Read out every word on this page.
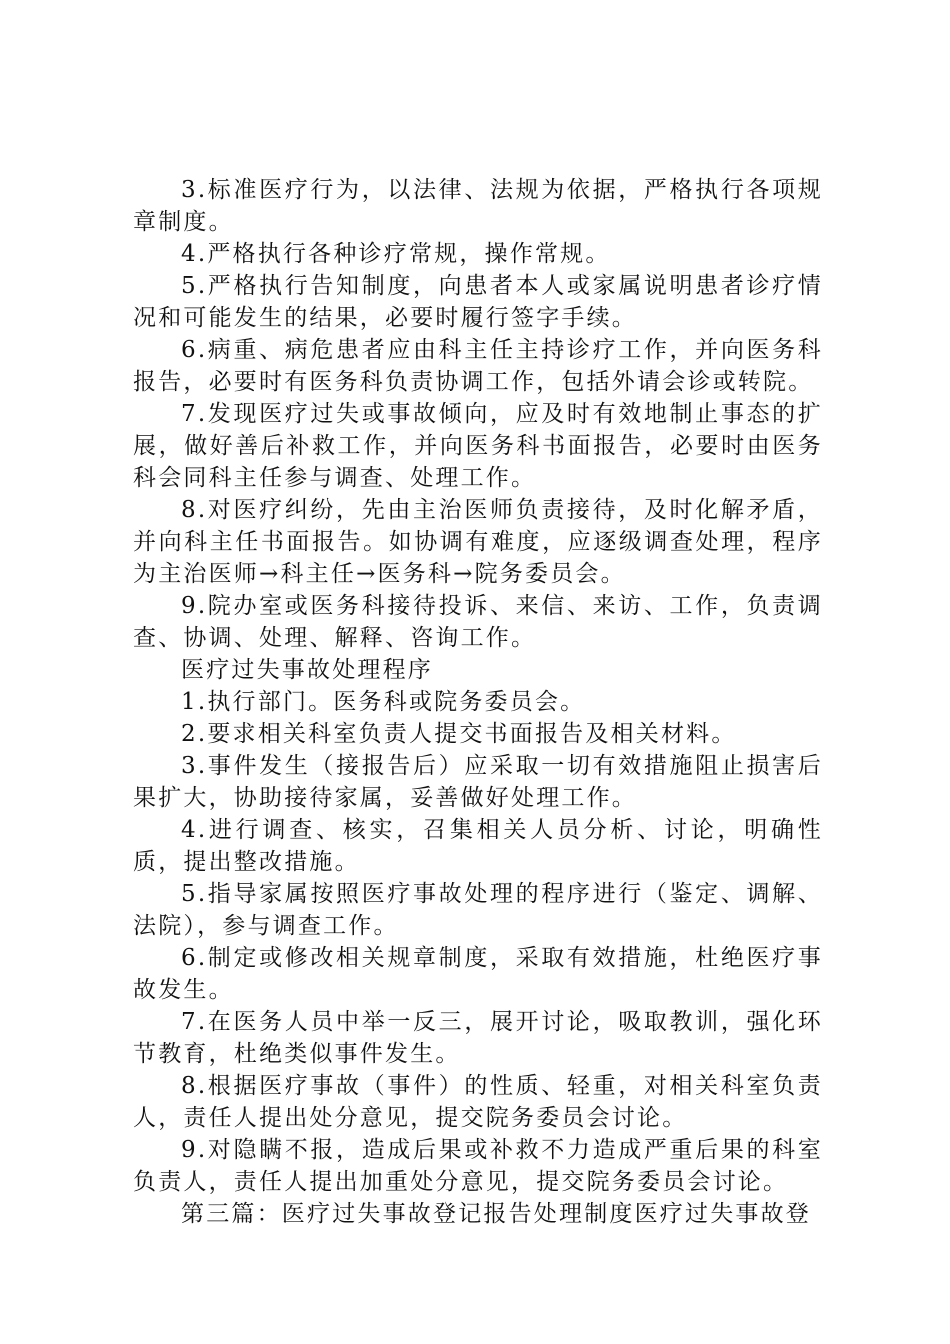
3.标准医疗行为，以法律、法规为依据，严格执行各项规章制度。

4.严格执行各种诊疗常规，操作常规。

5.严格执行告知制度，向患者本人或家属说明患者诊疗情况和可能发生的结果，必要时履行签字手续。

6.病重、病危患者应由科主任主持诊疗工作，并向医务科报告，必要时有医务科负责协调工作，包括外请会诊或转院。

7.发现医疗过失或事故倾向，应及时有效地制止事态的扩展，做好善后补救工作，并向医务科书面报告，必要时由医务科会同科主任参与调查、处理工作。

8.对医疗纠纷，先由主治医师负责接待，及时化解矛盾，并向科主任书面报告。如协调有难度，应逐级调查处理，程序为主治医师→科主任→医务科→院务委员会。

9.院办室或医务科接待投诉、来信、来访、工作，负责调查、协调、处理、解释、咨询工作。

医疗过失事故处理程序

1.执行部门。医务科或院务委员会。

2.要求相关科室负责人提交书面报告及相关材料。

3.事件发生（接报告后）应采取一切有效措施阻止损害后果扩大，协助接待家属，妥善做好处理工作。

4.进行调查、核实，召集相关人员分析、讨论，明确性质，提出整改措施。

5.指导家属按照医疗事故处理的程序进行（鉴定、调解、法院），参与调查工作。

6.制定或修改相关规章制度，采取有效措施，杜绝医疗事故发生。

7.在医务人员中举一反三，展开讨论，吸取教训，强化环节教育，杜绝类似事件发生。

8.根据医疗事故（事件）的性质、轻重，对相关科室负责人，责任人提出处分意见，提交院务委员会讨论。

9.对隐瞒不报，造成后果或补救不力造成严重后果的科室负责人，责任人提出加重处分意见，提交院务委员会讨论。

第三篇：医疗过失事故登记报告处理制度医疗过失事故登
